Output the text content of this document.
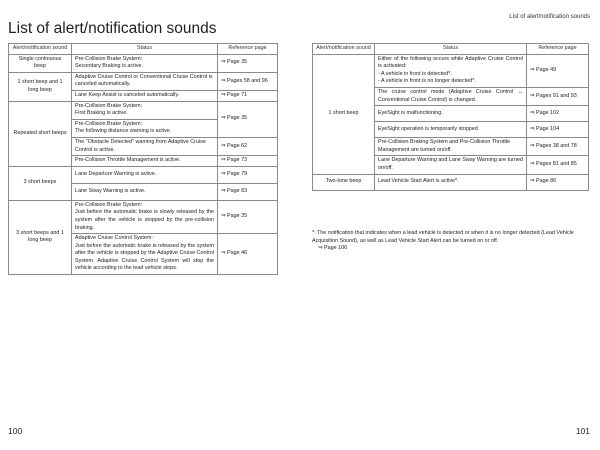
List of alert/notification sounds
Alert/notification sound	Status	Reference page
Single continuous beep	Pre-Collision Brake System:
Secondary Braking is active.	⇒ Page 35
1 short beep and 1 long beep	Adaptive Cruise Control or Conventional Cruise Control is canceled automatically.	⇒ Pages 58 and 96
	Lane Keep Assist is canceled automatically.	⇒ Page 71
Repeated short beeps	Pre-Collision Brake System:
First Braking is active.	⇒ Page 35
	Pre-Collision Brake System:
The following distance warning is active.	
	The "Obstacle Detected" warning from Adaptive Cruise Control is active.	⇒ Page 62
	Pre-Collision Throttle Management is active.	⇒ Page 73
3 short beeps	Lane Departure Warning is active.	⇒ Page 79
	Lane Sway Warning is active.	⇒ Page 83
3 short beeps and 1 long beep	Pre-Collision Brake System:
Just before the automatic brake is slowly released by the system after the vehicle is stopped by the pre-collision braking.	⇒ Page 35
	Adaptive Cruise Control System:
Just before the automatic brake is released by the system after the vehicle is stopped by the Adaptive Cruise Control System. Adaptive Cruise Control System will stop the vehicle according to the lead vehicle stops.	⇒ Page 46
100
List of alert/notification sounds
Alert/notification sound	Status	Reference page
1 short beep	Either of the following occurs while Adaptive Cruise Control is activated:
- A vehicle in front is detected*.
- A vehicle in front is no longer detected*.	⇒ Page 49
	The cruise control mode (Adaptive Cruise Control ↔ Conventional Cruise Control) is changed.	⇒ Pages 91 and 93
	EyeSight is malfunctioning.	⇒ Page 102
	EyeSight operation is temporarily stopped.	⇒ Page 104
	Pre-Collision Braking System and Pre-Collision Throttle Management are turned on/off.	⇒ Pages 38 and 78
	Lane Departure Warning and Lane Sway Warning are turned on/off.	⇒ Pages 81 and 85
Two-tone beep	Lead Vehicle Start Alert is active*.	⇒ Page 86
*: The notification that indicates when a lead vehicle is detected or when it is no longer detected (Lead Vehicle Acquisition Sound), as well as Lead Vehicle Start Alert can be turned on or off.
⇒ Page 106
101
